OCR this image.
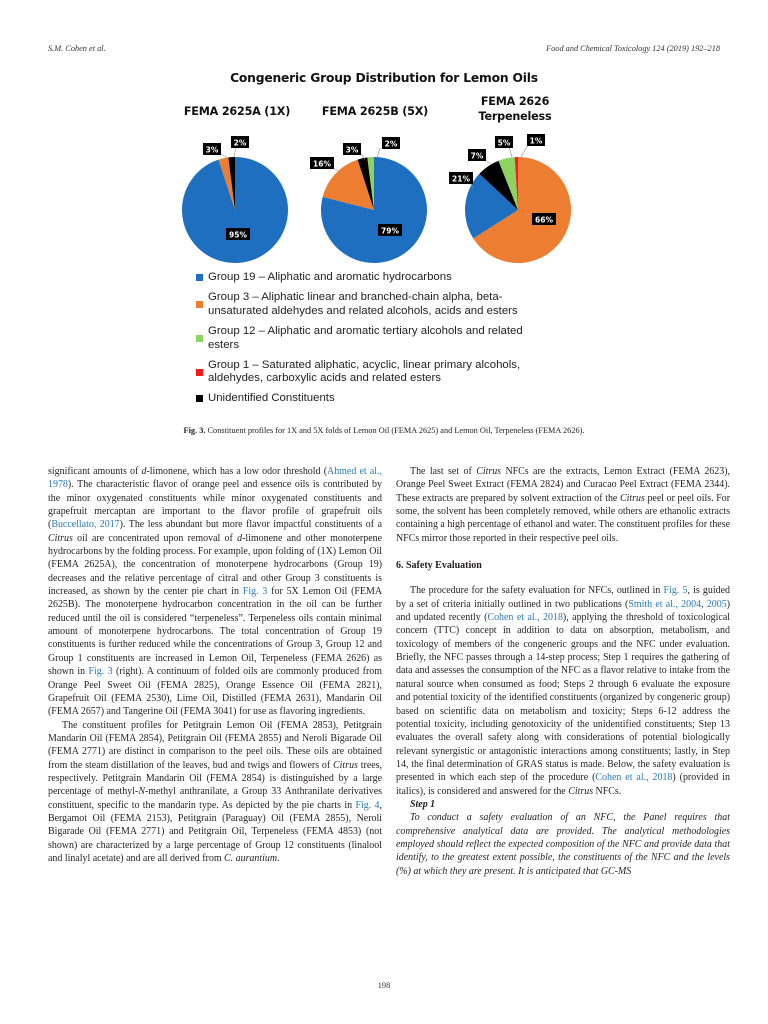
S.M. Cohen et al.	Food and Chemical Toxicology 124 (2019) 192–218
Congeneric Group Distribution for Lemon Oils
FEMA 2625A (1X)	FEMA 2625B (5X)
FEMA 2626
Terpeneless
95%
3%
2%
79%
16%
3%
2%
66%
21%
7%
5%	1%
Group 19 – Aliphatic and aromatic hydrocarbons
Group 3 – Aliphatic linear and branched-chain alpha, beta-unsaturated aldehydes and related alcohols, acids and esters
Group 12 – Aliphatic and aromatic tertiary alcohols and related esters
Group 1 – Saturated aliphatic, acyclic, linear primary alcohols, aldehydes, carboxylic acids and related esters
Unidentified Constituents
Fig. 3. Constituent profiles for 1X and 5X folds of Lemon Oil (FEMA 2625) and Lemon Oil, Terpeneless (FEMA 2626).

significant amounts of d-limonene, which has a low odor threshold (Ahmed et al., 1978). The characteristic flavor of orange peel and essence oils is contributed by the minor oxygenated constituents while minor oxygenated constituents and grapefruit mercaptan are important to the flavor profile of grapefruit oils (Buccellato, 2017). The less abundant but more flavor impactful constituents of a Citrus oil are concentrated upon removal of d-limonene and other monoterpene hydrocarbons by the folding process. For example, upon folding of (1X) Lemon Oil (FEMA 2625A), the concentration of monoterpene hydrocarbons (Group 19) decreases and the relative percentage of citral and other Group 3 constituents is increased, as shown by the center pie chart in Fig. 3 for 5X Lemon Oil (FEMA 2625B). The monoterpene hydrocarbon concentration in the oil can be further reduced until the oil is considered “terpeneless”. Terpeneless oils contain minimal amount of monoterpene hydrocarbons. The total concentration of Group 19 constituents is further reduced while the concentrations of Group 3, Group 12 and Group 1 constituents are increased in Lemon Oil, Terpeneless (FEMA 2626) as shown in Fig. 3 (right). A continuum of folded oils are commonly produced from Orange Peel Sweet Oil (FEMA 2825), Orange Essence Oil (FEMA 2821), Grapefruit Oil (FEMA 2530), Lime Oil, Distilled (FEMA 2631), Mandarin Oil (FEMA 2657) and Tangerine Oil (FEMA 3041) for use as flavoring ingredients.

The constituent profiles for Petitgrain Lemon Oil (FEMA 2853), Petitgrain Mandarin Oil (FEMA 2854), Petitgrain Oil (FEMA 2855) and Neroli Bigarade Oil (FEMA 2771) are distinct in comparison to the peel oils. These oils are obtained from the steam distillation of the leaves, bud and twigs and flowers of Citrus trees, respectively. Petitgrain Mandarin Oil (FEMA 2854) is distinguished by a large percentage of methyl-N-methyl anthranilate, a Group 33 Anthranilate derivatives constituent, specific to the mandarin type. As depicted by the pie charts in Fig. 4, Bergamot Oil (FEMA 2153), Petitgrain (Paraguay) Oil (FEMA 2855), Neroli Bigarade Oil (FEMA 2771) and Petitgrain Oil, Terpeneless (FEMA 4853) (not shown) are characterized by a large percentage of Group 12 constituents (linalool and linalyl acetate) and are all derived from C. aurantium.

The last set of Citrus NFCs are the extracts, Lemon Extract (FEMA 2623), Orange Peel Sweet Extract (FEMA 2824) and Curacao Peel Extract (FEMA 2344). These extracts are prepared by solvent extraction of the Citrus peel or peel oils. For some, the solvent has been completely removed, while others are ethanolic extracts containing a high percentage of ethanol and water. The constituent profiles for these NFCs mirror those reported in their respective peel oils.

6. Safety Evaluation

The procedure for the safety evaluation for NFCs, outlined in Fig. 5, is guided by a set of criteria initially outlined in two publications (Smith et al., 2004, 2005) and updated recently (Cohen et al., 2018), applying the threshold of toxicological concern (TTC) concept in addition to data on absorption, metabolism, and toxicology of members of the congeneric groups and the NFC under evaluation. Briefly, the NFC passes through a 14-step process; Step 1 requires the gathering of data and assesses the consumption of the NFC as a flavor relative to intake from the natural source when consumed as food; Steps 2 through 6 evaluate the exposure and potential toxicity of the identified constituents (organized by congeneric group) based on scientific data on metabolism and toxicity; Steps 6-12 address the potential toxicity, including genotoxicity of the unidentified constituents; Step 13 evaluates the overall safety along with considerations of potential biologically relevant synergistic or antagonistic interactions among constituents; lastly, in Step 14, the final determination of GRAS status is made. Below, the safety evaluation is presented in which each step of the procedure (Cohen et al., 2018) (provided in italics), is considered and answered for the Citrus NFCs.

Step 1

To conduct a safety evaluation of an NFC, the Panel requires that comprehensive analytical data are provided. The analytical methodologies employed should reflect the expected composition of the NFC and provide data that identify, to the greatest extent possible, the constituents of the NFC and the levels (%) at which they are present. It is anticipated that GC-MS

198
